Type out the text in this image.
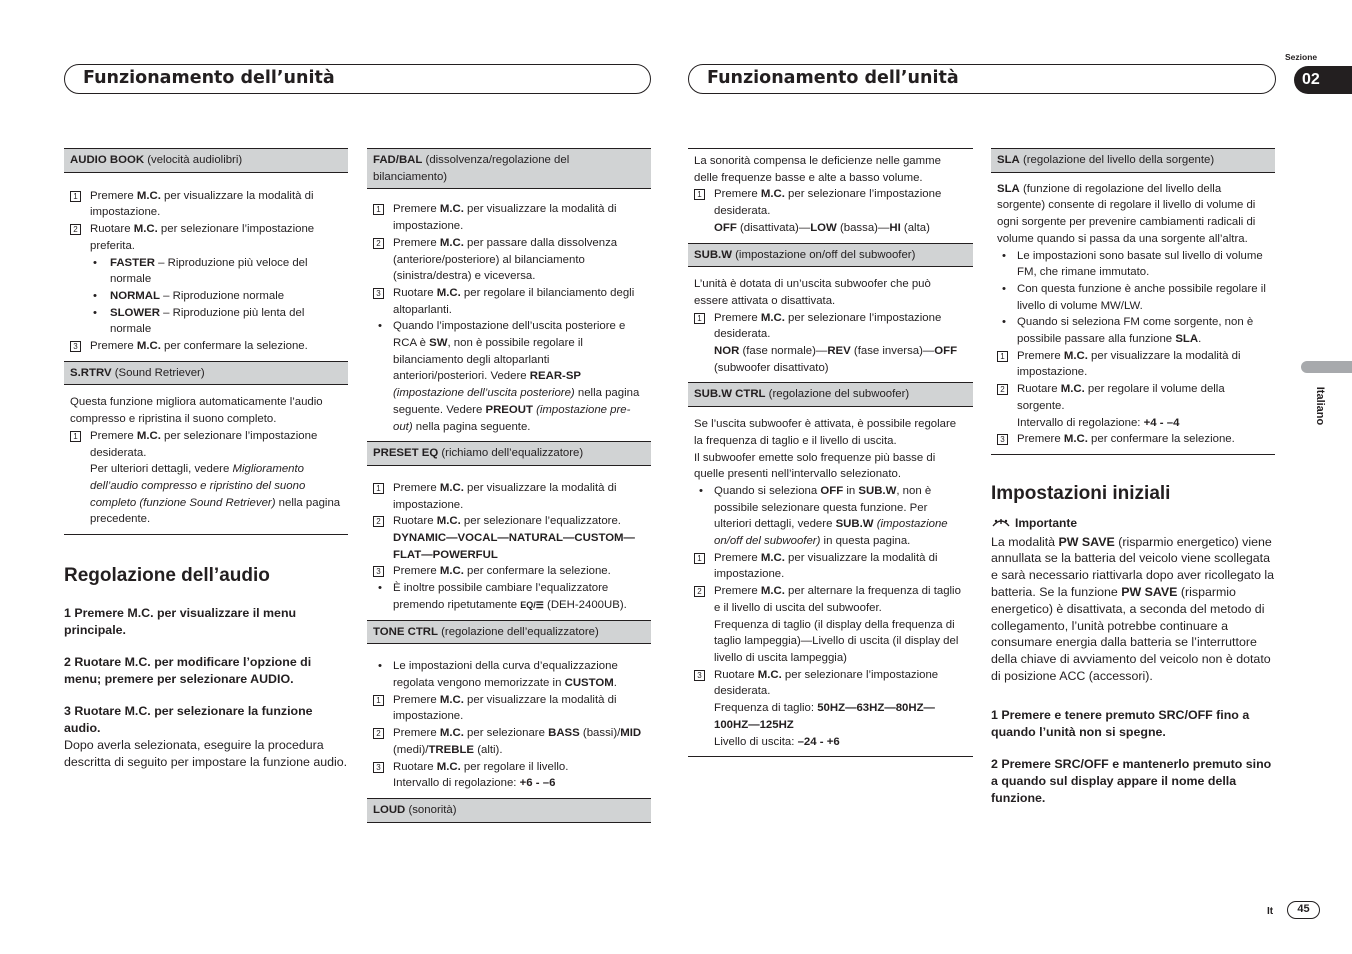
Funzionamento dell’unità	Funzionamento dell’unità
Sezione
02
Italiano
It	45
AUDIO BOOK (velocità audiolibri)
1 Premere M.C. per visualizzare la modalità di impostazione.
2 Ruotare M.C. per selezionare l’impostazione preferita.
• FASTER – Riproduzione più veloce del normale
• NORMAL – Riproduzione normale
• SLOWER – Riproduzione più lenta del normale
3 Premere M.C. per confermare la selezione.
S.RTRV (Sound Retriever)
Questa funzione migliora automaticamente l’audio compresso e ripristina il suono completo.
1 Premere M.C. per selezionare l’impostazione desiderata.
Per ulteriori dettagli, vedere Miglioramento dell’audio compresso e ripristino del suono completo (funzione Sound Retriever) nella pagina precedente.
Regolazione dell’audio
1 Premere M.C. per visualizzare il menu principale.
2 Ruotare M.C. per modificare l’opzione di menu; premere per selezionare AUDIO.
3 Ruotare M.C. per selezionare la funzione audio.
Dopo averla selezionata, eseguire la procedura descritta di seguito per impostare la funzione audio.
FAD/BAL (dissolvenza/regolazione del bilanciamento)
1 Premere M.C. per visualizzare la modalità di impostazione.
2 Premere M.C. per passare dalla dissolvenza (anteriore/posteriore) al bilanciamento (sinistra/destra) e viceversa.
3 Ruotare M.C. per regolare il bilanciamento degli altoparlanti.
• Quando l’impostazione dell’uscita posteriore e RCA è SW, non è possibile regolare il bilanciamento degli altoparlanti anteriori/posteriori. Vedere REAR-SP (impostazione dell’uscita posteriore) nella pagina seguente. Vedere PREOUT (impostazione pre-out) nella pagina seguente.
PRESET EQ (richiamo dell’equalizzatore)
1 Premere M.C. per visualizzare la modalità di impostazione.
2 Ruotare M.C. per selezionare l’equalizzatore.
DYNAMIC—VOCAL—NATURAL—CUSTOM—FLAT—POWERFUL
3 Premere M.C. per confermare la selezione.
• È inoltre possibile cambiare l’equalizzatore premendo ripetutamente EQ/☰ (DEH-2400UB).
TONE CTRL (regolazione dell’equalizzatore)
• Le impostazioni della curva d’equalizzazione regolata vengono memorizzate in CUSTOM.
1 Premere M.C. per visualizzare la modalità di impostazione.
2 Premere M.C. per selezionare BASS (bassi)/MID (medi)/TREBLE (alti).
3 Ruotare M.C. per regolare il livello.
Intervallo di regolazione: +6 - –6
LOUD (sonorità)
La sonorità compensa le deficienze nelle gamme delle frequenze basse e alte a basso volume.
1 Premere M.C. per selezionare l’impostazione desiderata.
OFF (disattivata)—LOW (bassa)—HI (alta)
SUB.W (impostazione on/off del subwoofer)
L’unità è dotata di un’uscita subwoofer che può essere attivata o disattivata.
1 Premere M.C. per selezionare l’impostazione desiderata.
NOR (fase normale)—REV (fase inversa)—OFF (subwoofer disattivato)
SUB.W CTRL (regolazione del subwoofer)
Se l’uscita subwoofer è attivata, è possibile regolare la frequenza di taglio e il livello di uscita.
Il subwoofer emette solo frequenze più basse di quelle presenti nell’intervallo selezionato.
• Quando si seleziona OFF in SUB.W, non è possibile selezionare questa funzione. Per ulteriori dettagli, vedere SUB.W (impostazione on/off del subwoofer) in questa pagina.
1 Premere M.C. per visualizzare la modalità di impostazione.
2 Premere M.C. per alternare la frequenza di taglio e il livello di uscita del subwoofer.
Frequenza di taglio (il display della frequenza di taglio lampeggia)—Livello di uscita (il display del livello di uscita lampeggia)
3 Ruotare M.C. per selezionare l’impostazione desiderata.
Frequenza di taglio: 50HZ—63HZ—80HZ—100HZ—125HZ
Livello di uscita: –24 - +6
SLA (regolazione del livello della sorgente)
SLA (funzione di regolazione del livello della sorgente) consente di regolare il livello di volume di ogni sorgente per prevenire cambiamenti radicali di volume quando si passa da una sorgente all’altra.
• Le impostazioni sono basate sul livello di volume FM, che rimane immutato.
• Con questa funzione è anche possibile regolare il livello di volume MW/LW.
• Quando si seleziona FM come sorgente, non è possibile passare alla funzione SLA.
1 Premere M.C. per visualizzare la modalità di impostazione.
2 Ruotare M.C. per regolare il volume della sorgente.
Intervallo di regolazione: +4 - –4
3 Premere M.C. per confermare la selezione.
Impostazioni iniziali
Importante
La modalità PW SAVE (risparmio energetico) viene annullata se la batteria del veicolo viene scollegata e sarà necessario riattivarla dopo aver ricollegato la batteria. Se la funzione PW SAVE (risparmio energetico) è disattivata, a seconda del metodo di collegamento, l’unità potrebbe continuare a consumare energia dalla batteria se l’interruttore della chiave di avviamento del veicolo non è dotato di posizione ACC (accessori).
1 Premere e tenere premuto SRC/OFF fino a quando l’unità non si spegne.
2 Premere SRC/OFF e mantenerlo premuto sino a quando sul display appare il nome della funzione.
